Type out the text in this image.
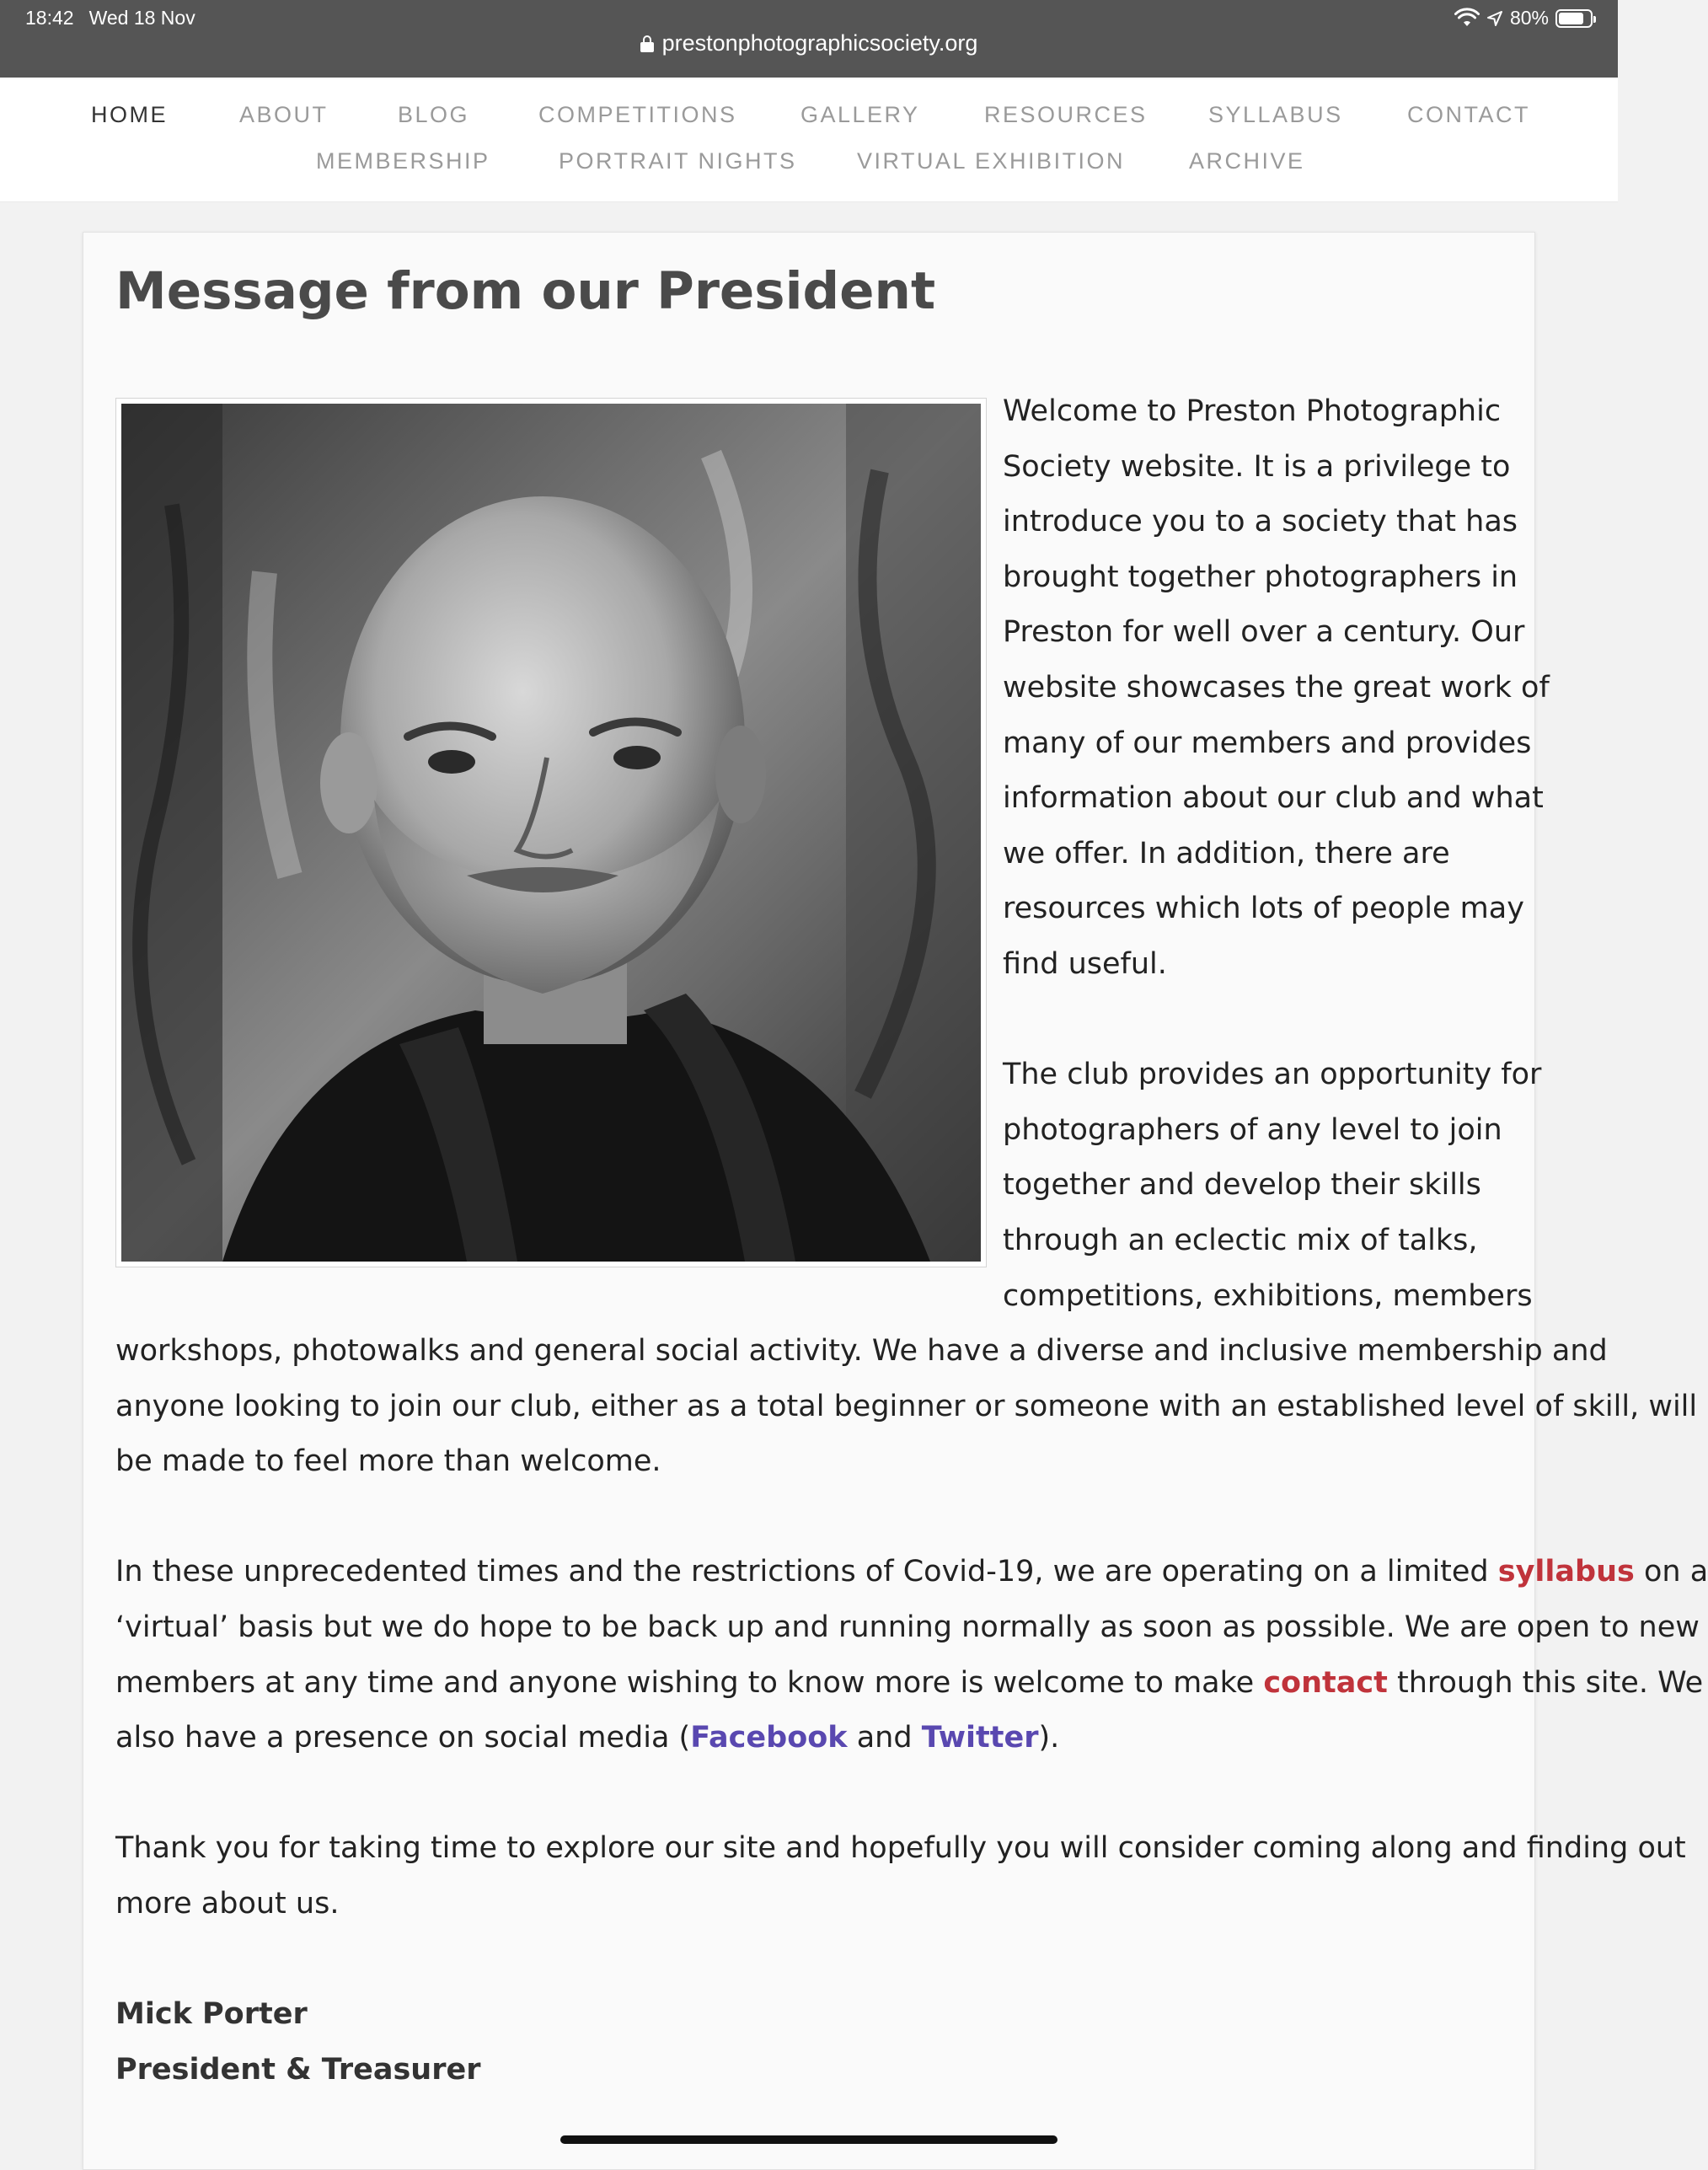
18:42 Wed 18 Nov	80%
prestonphotographicsociety.org
HOME	ABOUT	BLOG	COMPETITIONS	GALLERY	RESOURCES	SYLLABUS	CONTACT
MEMBERSHIP	PORTRAIT NIGHTS	VIRTUAL EXHIBITION	ARCHIVE
Message from our President
Welcome to Preston Photographic
Society website. It is a privilege to
introduce you to a society that has
brought together photographers in
Preston for well over a century. Our
website showcases the great work of
many of our members and provides
information about our club and what
we offer. In addition, there are
resources which lots of people may
find useful.
The club provides an opportunity for
photographers of any level to join
together and develop their skills
through an eclectic mix of talks,
competitions, exhibitions, members
workshops, photowalks and general social activity. We have a diverse and inclusive membership and
anyone looking to join our club, either as a total beginner or someone with an established level of skill, will
be made to feel more than welcome.
In these unprecedented times and the restrictions of Covid-19, we are operating on a limited syllabus on a
‘virtual’ basis but we do hope to be back up and running normally as soon as possible. We are open to new
members at any time and anyone wishing to know more is welcome to make contact through this site. We
also have a presence on social media (Facebook and Twitter).
Thank you for taking time to explore our site and hopefully you will consider coming along and finding out
more about us.
Mick Porter
President & Treasurer
